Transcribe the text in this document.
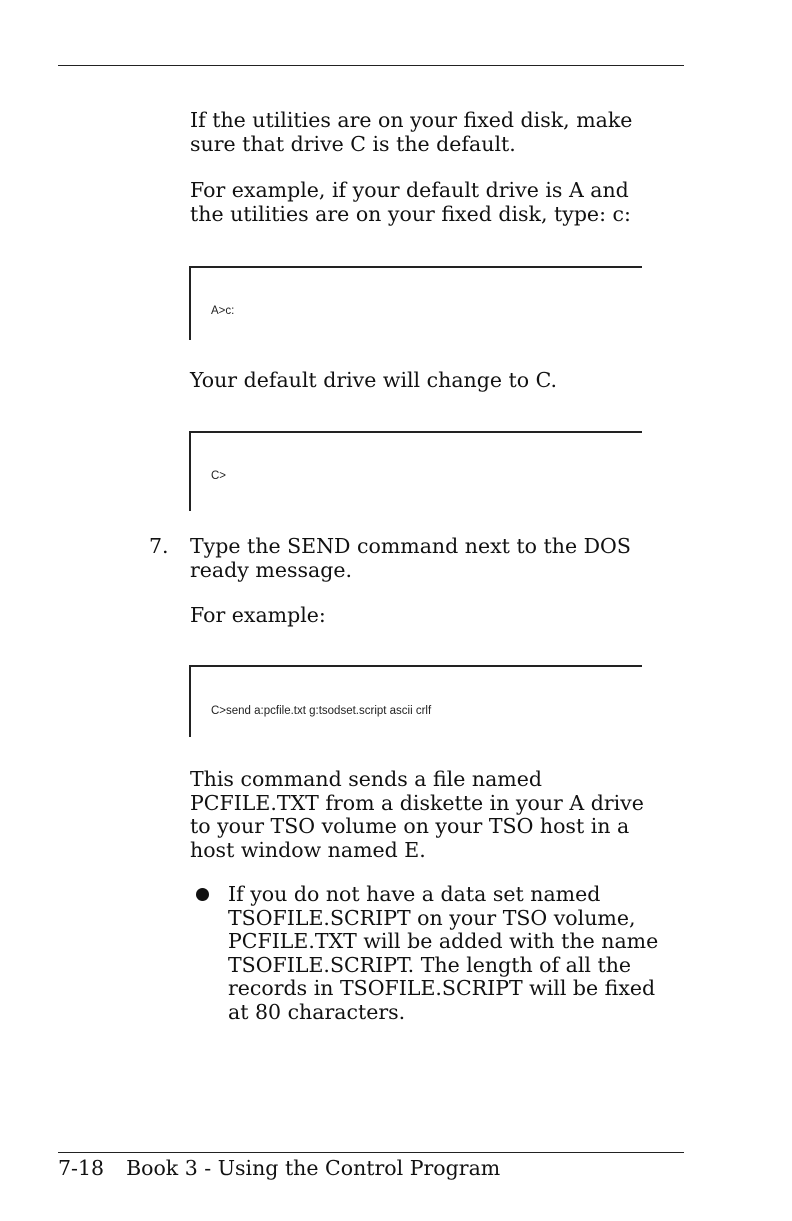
If the utilities are on your fixed disk, make
sure that drive C is the default.

For example, if your default drive is A and
the utilities are on your fixed disk, type: c:

A>c:

Your default drive will change to C.

C>
7. Type the SEND command next to the DOS
ready message.

For example:

C>send a:pcfile.txt g:tsodset.script ascii crlf

This command sends a file named
PCFILE.TXT from a diskette in your A drive
to your TSO volume on your TSO host in a
host window named E.

If you do not have a data set named
TSOFILE.SCRIPT on your TSO volume,
PCFILE.TXT will be added with the name
TSOFILE.SCRIPT. The length of all the
records in TSOFILE.SCRIPT will be fixed
at 80 characters.

7-18 Book 3 - Using the Control Program
